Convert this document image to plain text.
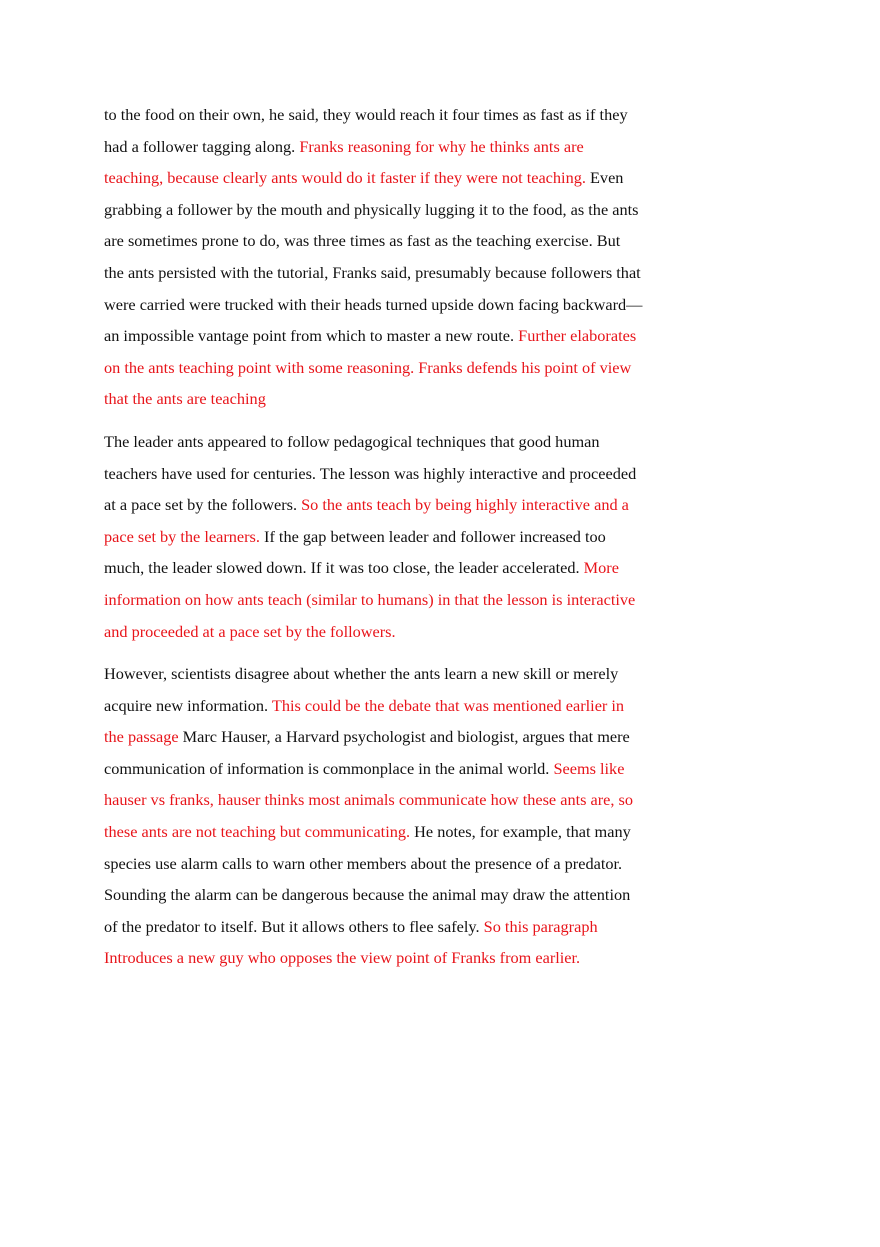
to the food on their own, he said, they would reach it four times as fast as if they had a follower tagging along. Franks reasoning for why he thinks ants are teaching, because clearly ants would do it faster if they were not teaching. Even grabbing a follower by the mouth and physically lugging it to the food, as the ants are sometimes prone to do, was three times as fast as the teaching exercise. But the ants persisted with the tutorial, Franks said, presumably because followers that were carried were trucked with their heads turned upside down facing backward—an impossible vantage point from which to master a new route. Further elaborates on the ants teaching point with some reasoning. Franks defends his point of view that the ants are teaching

The leader ants appeared to follow pedagogical techniques that good human teachers have used for centuries. The lesson was highly interactive and proceeded at a pace set by the followers. So the ants teach by being highly interactive and a pace set by the learners. If the gap between leader and follower increased too much, the leader slowed down. If it was too close, the leader accelerated. More information on how ants teach (similar to humans) in that the lesson is interactive and proceeded at a pace set by the followers.

However, scientists disagree about whether the ants learn a new skill or merely acquire new information. This could be the debate that was mentioned earlier in the passage Marc Hauser, a Harvard psychologist and biologist, argues that mere communication of information is commonplace in the animal world. Seems like hauser vs franks, hauser thinks most animals communicate how these ants are, so these ants are not teaching but communicating. He notes, for example, that many species use alarm calls to warn other members about the presence of a predator. Sounding the alarm can be dangerous because the animal may draw the attention of the predator to itself. But it allows others to flee safely. So this paragraph Introduces a new guy who opposes the view point of Franks from earlier.
